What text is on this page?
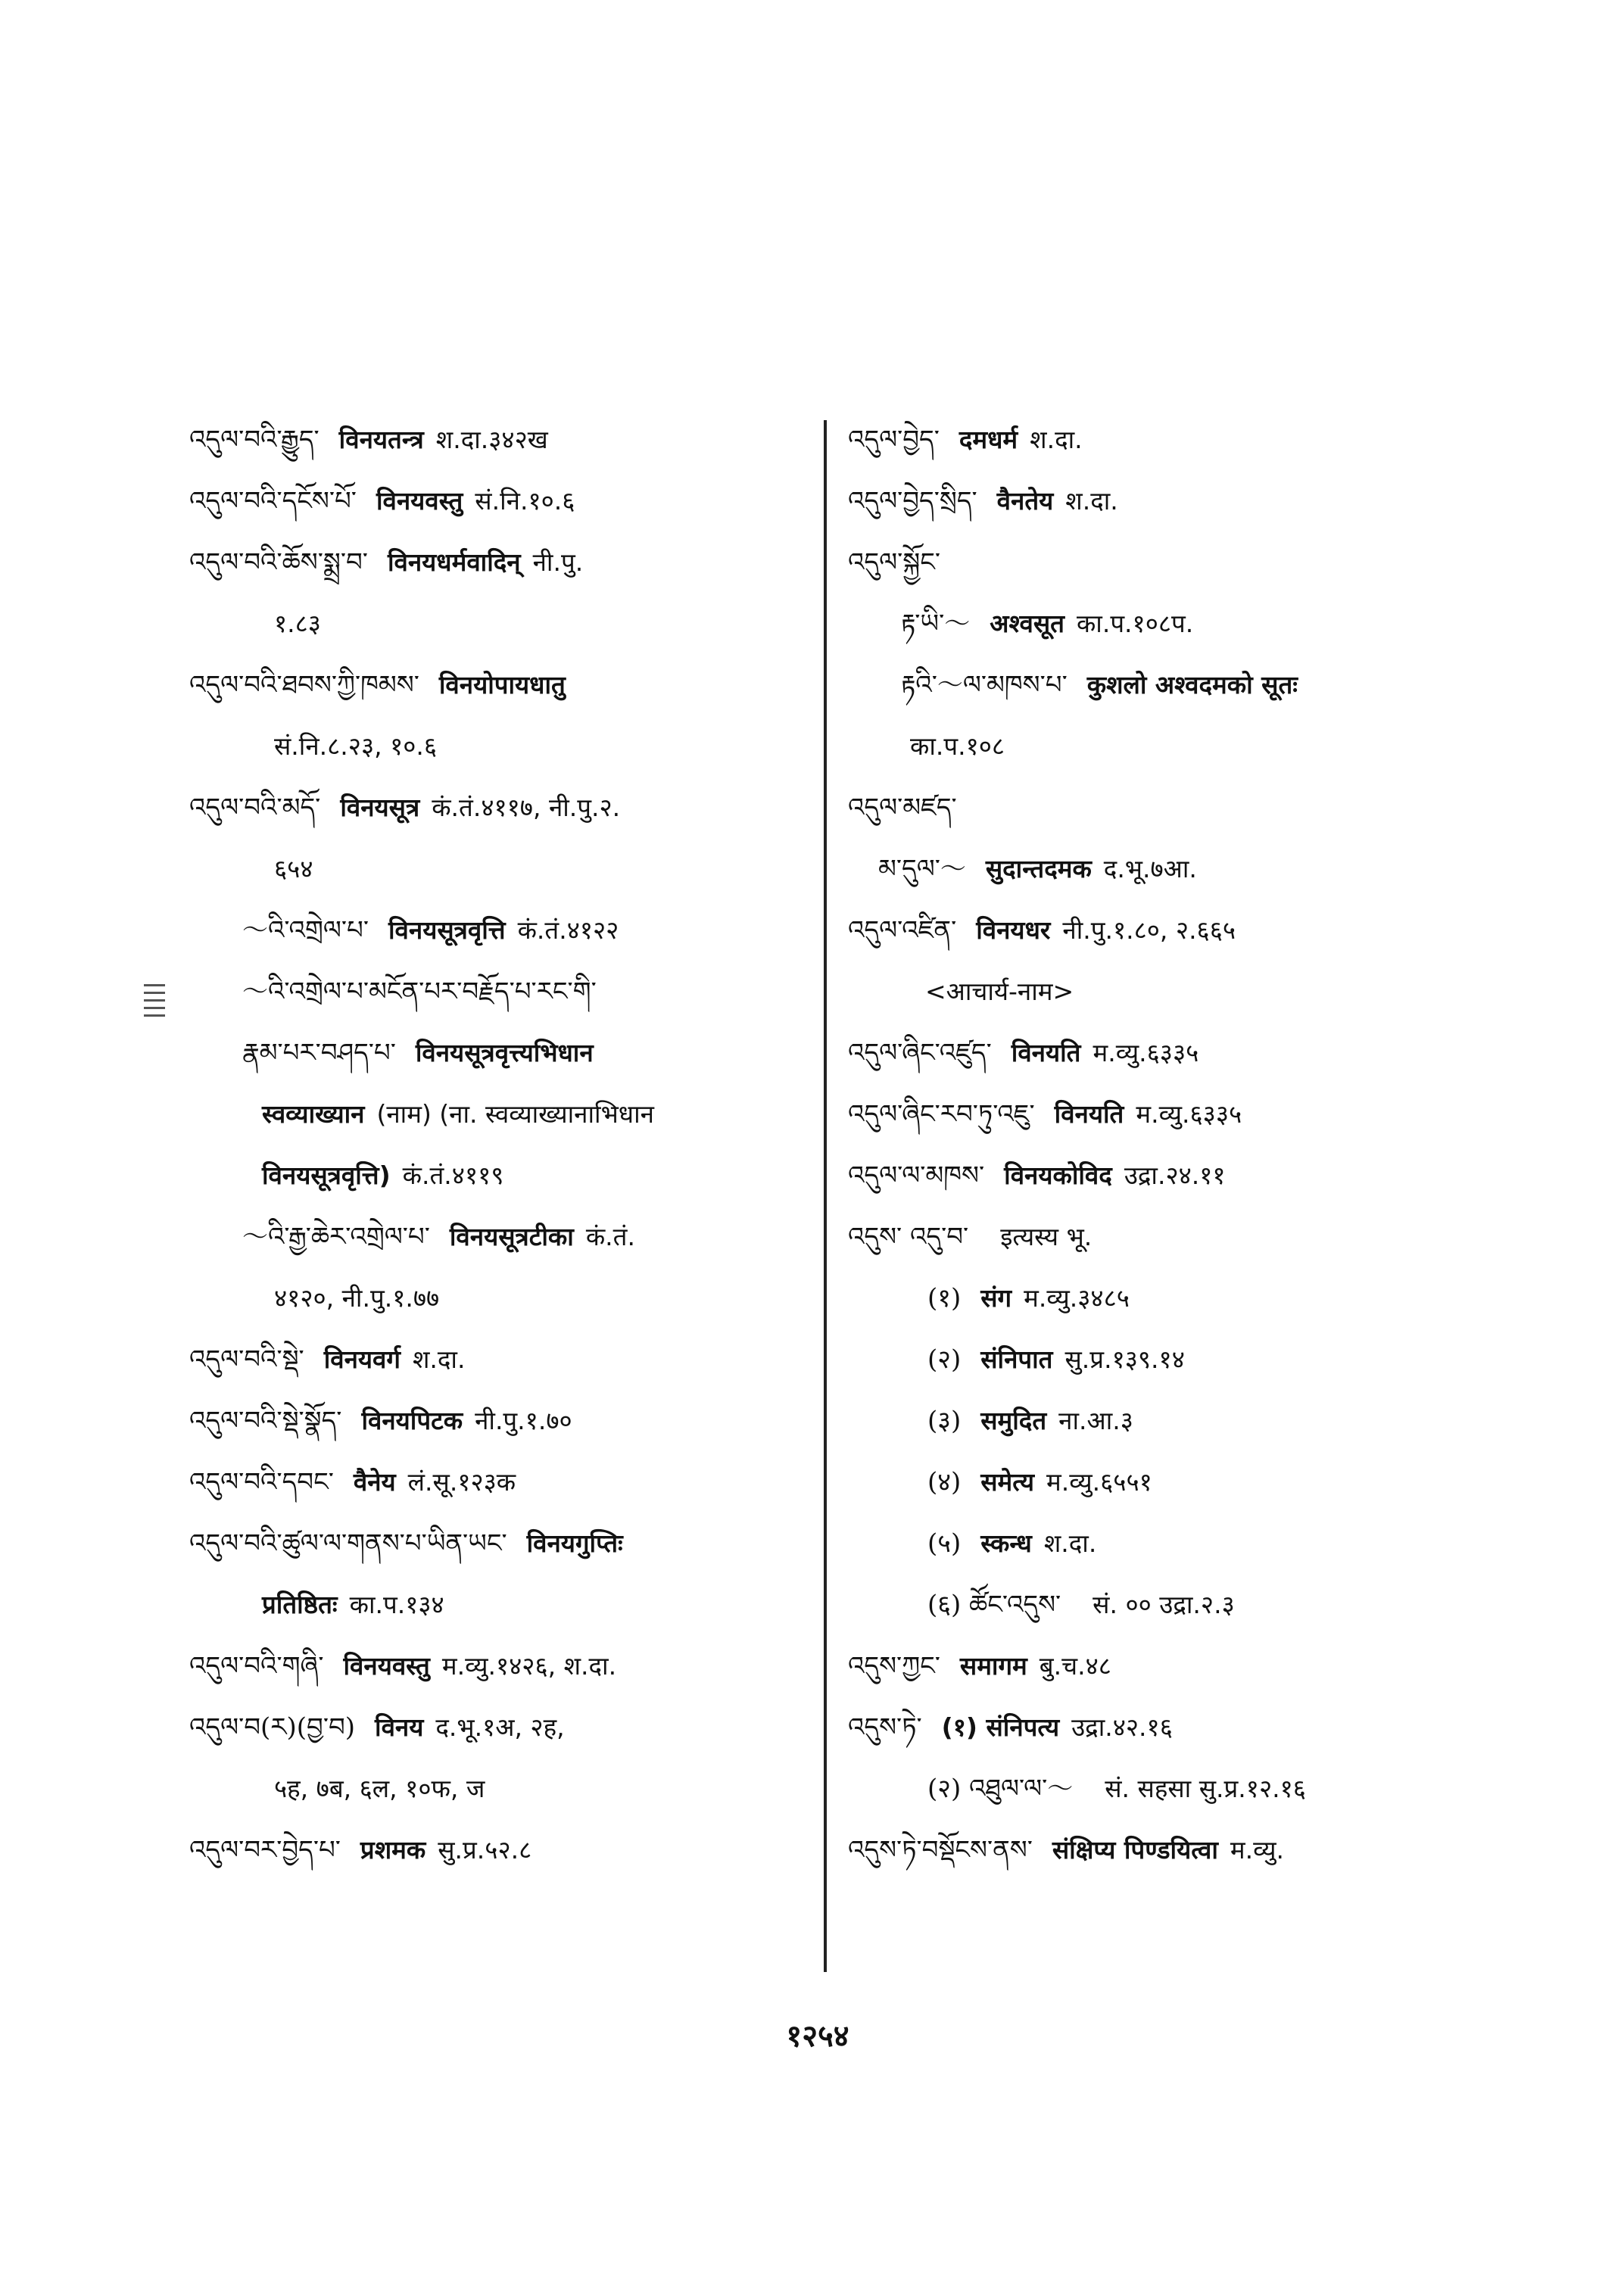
འདུལ་བའི་རྒྱུད་ विनयतन्त्र श.दा.३४२ख
འདུལ་བའི་དངོས་པོ་ विनयवस्तु सं.नि.१०.६
འདུལ་བའི་ཆོས་སྨྲ་བ་ विनयधर्मवादिन् नी.पु.
१.८३
འདུལ་བའི་ཐབས་ཀྱི་ཁམས་ विनयोपायधातु
सं.नि.८.२३, १०.६
འདུལ་བའི་མདོ་ विनयसूत्र कं.तं.४११७, नी.पु.२.
६५४
～འི་འགྲེལ་པ་ विनयसूत्रवृत्ति कं.तं.४१२२
～འི་འགྲེལ་པ་མངོན་པར་བརྗོད་པ་རང་གི་
རྣམ་པར་བཤད་པ་ विनयसूत्रवृत्त्यभिधान
स्वव्याख्यान (नाम) (ना. स्वव्याख्यानाभिधान
विनयसूत्रवृत्ति) कं.तं.४११९
～འི་རྒྱ་ཆེར་འགྲེལ་པ་ विनयसूत्रटीका कं.तं.
४१२०, नी.पु.१.७७
འདུལ་བའི་སྡེ་ विनयवर्ग श.दा.
འདུལ་བའི་སྡེ་སྣོད་ विनयपिटक नी.पु.१.७०
འདུལ་བའི་དབང་ वैनेय लं.सू.१२३क
འདུལ་བའི་ཚུལ་ལ་གནས་པ་ཡིན་ཡང་ विनयगुप्तिः
प्रतिष्ठितः का.प.१३४
འདུལ་བའི་གཞི་ विनयवस्तु म.व्यु.१४२६, श.दा.
འདུལ་བ(ར)(བྱ་བ) विनय द.भू.१अ, २ह,
५ह, ७ब, ६ल, १०फ, ज
འདུལ་བར་བྱེད་པ་ प्रशमक सु.प्र.५२.८
འདུལ་བྱེད་ दमधर्म श.दा.
འདུལ་བྱེད་སྲིད་ वैनतेय श.दा.
འདུལ་སྐྱོང་
རྟ་ཡི་～ अश्वसूत का.प.१०८प.
རྟའི་～ལ་མཁས་པ་ कुशलो अश्वदमको सूतः
का.प.१०८
འདུལ་མཛད་
མ་དུལ་～ सुदान्तदमक द.भू.७आ.
འདུལ་འཛིན་ विनयधर नी.पु.१.८०, २.६६५
<आचार्य-नाम>
འདུལ་ཞིང་འཛུད་ विनयति म.व्यु.६३३५
འདུལ་ཞིང་རབ་ཏུ་འཇུ་ विनयति म.व्यु.६३३५
འདུལ་ལ་མཁས་ विनयकोविद उद्रा.२४.११
འདུས་ འདུ་བ་ इत्यस्य भू.
(१) संग म.व्यु.३४८५
(२) संनिपात सु.प्र.१३९.१४
(३) समुदित ना.आ.३
(४) समेत्य म.व्यु.६५५१
(५) स्कन्ध श.दा.
(६) ཚོང་འདུས་ सं. ०० उद्रा.२.३
འདུས་ཀྱང་ समागम बु.च.४८
འདུས་ཏེ་ (१) संनिपत्य उद्रा.४२.१६
(२) འཐུལ་ལ་～ सं. सहसा सु.प्र.१२.१६
འདུས་ཏེ་བསྡོངས་ནས་ संक्षिप्य पिण्डयित्वा म.व्यु.
१२५४
